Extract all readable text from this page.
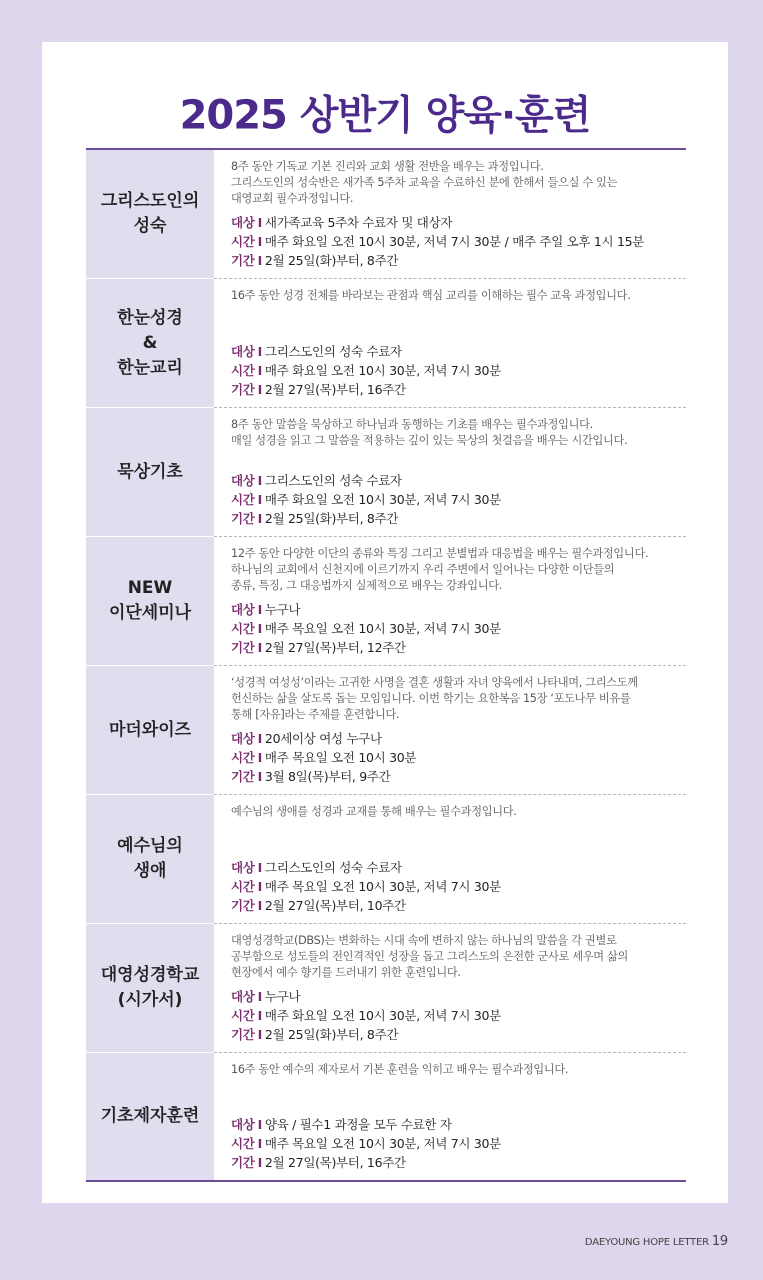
2025 상반기 양육·훈련
그리스도인의
성숙
8주 동안 기독교 기본 진리와 교회 생활 전반을 배우는 과정입니다.
그리스도인의 성숙반은 새가족 5주차 교육을 수료하신 분에 한해서 들으실 수 있는
대영교회 필수과정입니다.
대상 I 새가족교육 5주차 수료자 및 대상자
시간 I 매주 화요일 오전 10시 30분, 저녁 7시 30분 / 매주 주일 오후 1시 15분
기간 I 2월 25일(화)부터, 8주간
한눈성경
&
한눈교리
16주 동안 성경 전체를 바라보는 관점과 핵심 교리를 이해하는 필수 교육 과정입니다.
대상 I 그리스도인의 성숙 수료자
시간 I 매주 화요일 오전 10시 30분, 저녁 7시 30분
기간 I 2월 27일(목)부터, 16주간
묵상기초
8주 동안 말씀을 묵상하고 하나님과 동행하는 기초를 배우는 필수과정입니다.
매일 성경을 읽고 그 말씀을 적용하는 깊이 있는 묵상의 첫걸음을 배우는 시간입니다.
대상 I 그리스도인의 성숙 수료자
시간 I 매주 화요일 오전 10시 30분, 저녁 7시 30분
기간 I 2월 25일(화)부터, 8주간
NEW
이단세미나
12주 동안 다양한 이단의 종류와 특징 그리고 분별법과 대응법을 배우는 필수과정입니다.
하나님의 교회에서 신천지에 이르기까지 우리 주변에서 일어나는 다양한 이단들의
종류, 특징, 그 대응법까지 실제적으로 배우는 강좌입니다.
대상 I 누구나
시간 I 매주 목요일 오전 10시 30분, 저녁 7시 30분
기간 I 2월 27일(목)부터, 12주간
마더와이즈
‘성경적 여성성’이라는 고귀한 사명을 결혼 생활과 자녀 양육에서 나타내며, 그리스도께
헌신하는 삶을 살도록 돕는 모임입니다. 이번 학기는 요한복음 15장 ‘포도나무 비유를
통해 [자유]라는 주제를 훈련합니다.
대상 I 20세이상 여성 누구나
시간 I 매주 목요일 오전 10시 30분
기간 I 3월 8일(목)부터, 9주간
예수님의
생애
예수님의 생애를 성경과 교재를 통해 배우는 필수과정입니다.
대상 I 그리스도인의 성숙 수료자
시간 I 매주 목요일 오전 10시 30분, 저녁 7시 30분
기간 I 2월 27일(목)부터, 10주간
대영성경학교
(시가서)
대영성경학교(DBS)는 변화하는 시대 속에 변하지 않는 하나님의 말씀을 각 권별로
공부함으로 성도들의 전인격적인 성장을 돕고 그리스도의 온전한 군사로 세우며 삶의
현장에서 예수 향기를 드러내기 위한 훈련입니다.
대상 I 누구나
시간 I 매주 화요일 오전 10시 30분, 저녁 7시 30분
기간 I 2월 25일(화)부터, 8주간
기초제자훈련
16주 동안 예수의 제자로서 기본 훈련을 익히고 배우는 필수과정입니다.
대상 I 양육 / 필수1 과정을 모두 수료한 자
시간 I 매주 목요일 오전 10시 30분, 저녁 7시 30분
기간 I 2월 27일(목)부터, 16주간
DAEYOUNG HOPE LETTER 19
